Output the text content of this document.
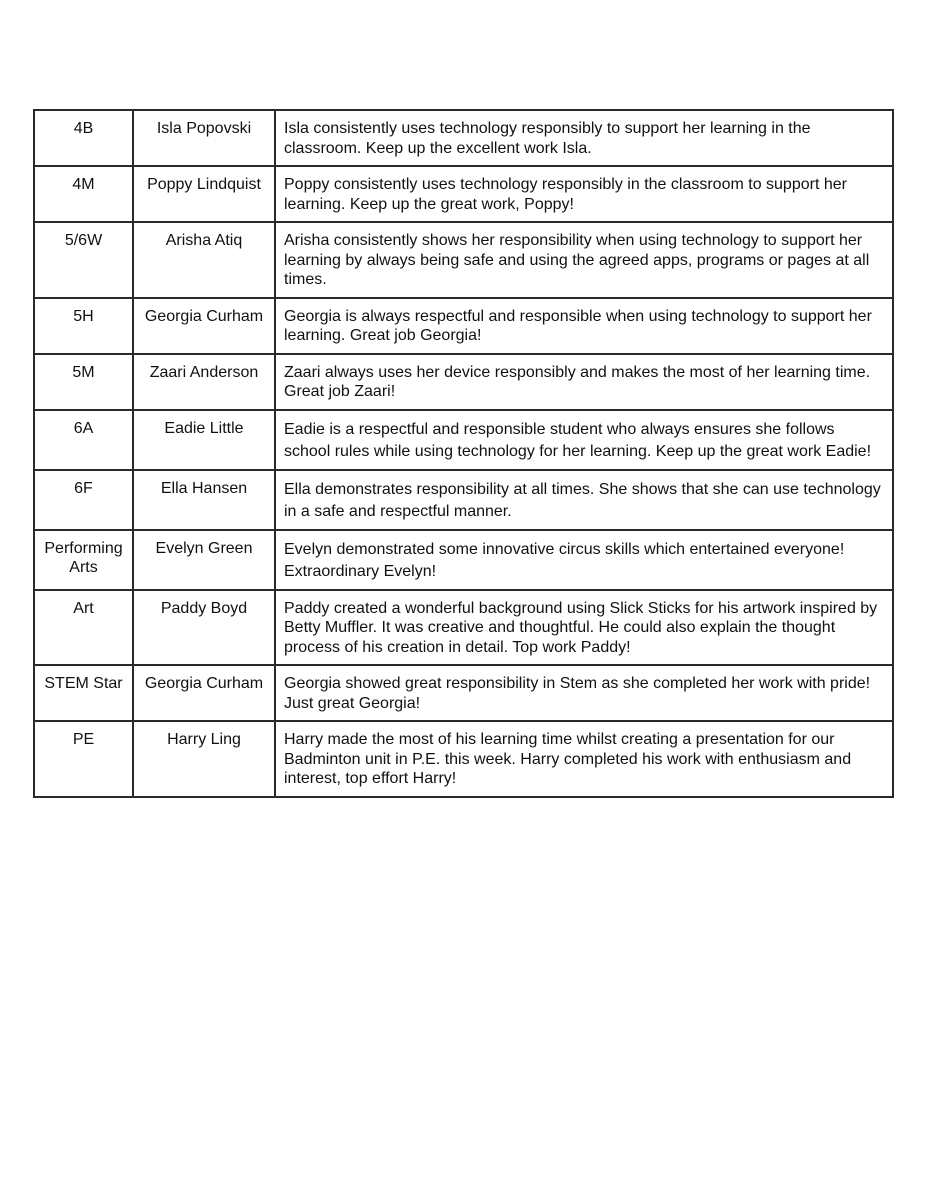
4B	Isla Popovski	Isla consistently uses technology responsibly to support her learning in the classroom. Keep up the excellent work Isla.
4M	Poppy Lindquist	Poppy consistently uses technology responsibly in the classroom to support her learning. Keep up the great work, Poppy!
5/6W	Arisha Atiq	Arisha consistently shows her responsibility when using technology to support her learning by always being safe and using the agreed apps, programs or pages at all times.
5H	Georgia Curham	Georgia is always respectful and responsible when using technology to support her learning. Great job Georgia!
5M	Zaari Anderson	Zaari always uses her device responsibly and makes the most of her learning time. Great job Zaari!
6A	Eadie Little	Eadie is a respectful and responsible student who always ensures she follows school rules while using technology for her learning. Keep up the great work Eadie!
6F	Ella Hansen	Ella demonstrates responsibility at all times. She shows that she can use technology in a safe and respectful manner.
Performing Arts	Evelyn Green	Evelyn demonstrated some innovative circus skills which entertained everyone! Extraordinary Evelyn!
Art	Paddy Boyd	Paddy created a wonderful background using Slick Sticks for his artwork inspired by Betty Muffler. It was creative and thoughtful. He could also explain the thought process of his creation in detail. Top work Paddy!
STEM Star	Georgia Curham	Georgia showed great responsibility in Stem as she completed her work with pride! Just great Georgia!
PE	Harry Ling	Harry made the most of his learning time whilst creating a presentation for our Badminton unit in P.E. this week. Harry completed his work with enthusiasm and interest, top effort Harry!
